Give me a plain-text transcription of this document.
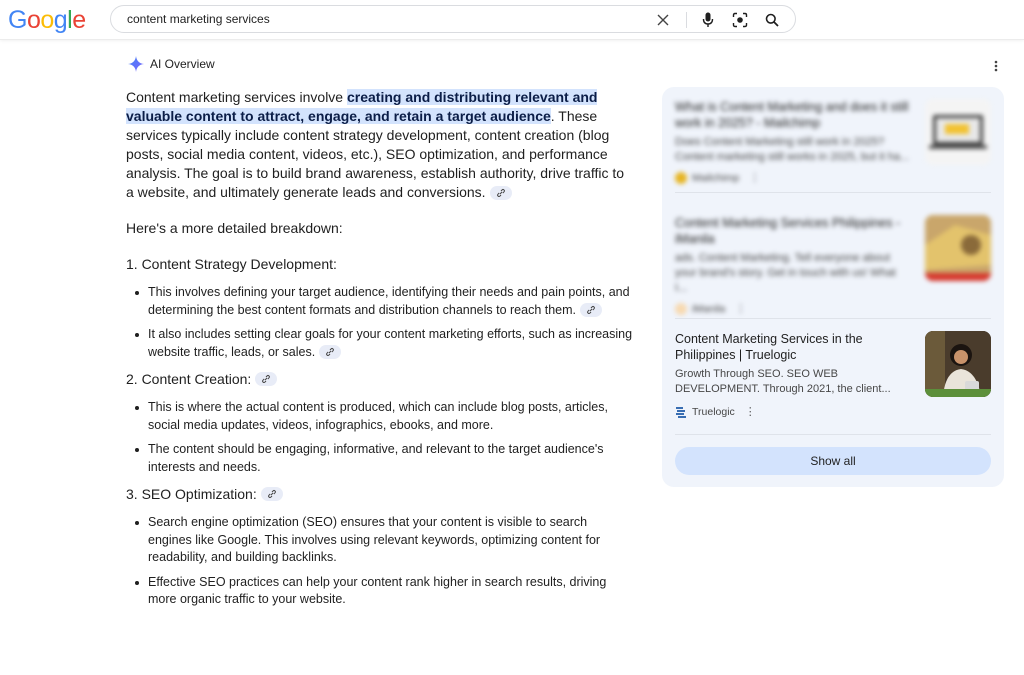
Google
content marketing services
AI Overview

Content marketing services involve creating and distributing relevant and valuable content to attract, engage, and retain a target audience. These services typically include content strategy development, content creation (blog posts, social media content, videos, etc.), SEO optimization, and performance analysis. The goal is to build brand awareness, establish authority, drive traffic to a website, and ultimately generate leads and conversions.

Here's a more detailed breakdown:

1. Content Strategy Development:
This involves defining your target audience, identifying their needs and pain points, and determining the best content formats and distribution channels to reach them.
It also includes setting clear goals for your content marketing efforts, such as increasing website traffic, leads, or sales.
2. Content Creation:
This is where the actual content is produced, which can include blog posts, articles, social media updates, videos, infographics, ebooks, and more.
The content should be engaging, informative, and relevant to the target audience's interests and needs.
3. SEO Optimization:
Search engine optimization (SEO) ensures that your content is visible to search engines like Google. This involves using relevant keywords, optimizing content for readability, and building backlinks.
Effective SEO practices can help your content rank higher in search results, driving more organic traffic to your website.
What is Content Marketing and does it still work in 2025? - Mailchimp
Does Content Marketing still work in 2025? Content marketing still works in 2025, but it ha...
Mailchimp ⋮
Content Marketing Services Philippines - iManila
ads. Content Marketing. Tell everyone about your brand's story. Get in touch with us! What I...
iManila ⋮
Content Marketing Services in the Philippines | Truelogic
Growth Through SEO. SEO WEB DEVELOPMENT. Through 2021, the client...
Truelogic ⋮
Show all
